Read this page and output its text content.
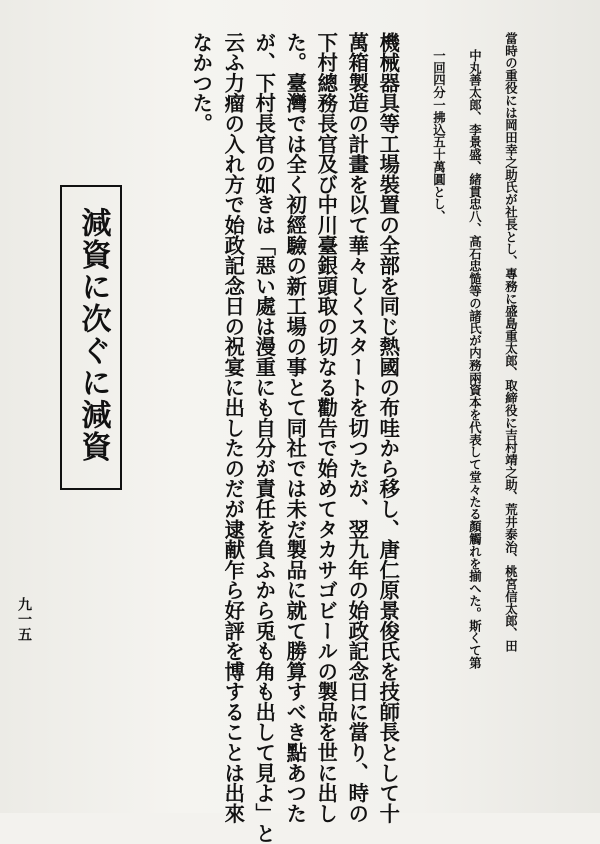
當時の重役には岡田幸之助氏が社長とし、專務に盛島重太郎、取締役に吉村靖之助、荒井泰治、桃宮信太郎、田
中丸善太郎、李景盛、緒貫忠八、高石忠慥等の諸氏が内務兩資本を代表して堂々たる顏觸れを揃へた。斯くて第
一回四分一拂込五十萬圓とし、
機械器具等工場裝置の全部を同じ熱國の布哇から移し、唐仁原景俊氏を技師長として十
萬箱製造の計畫を以て華々しくスタートを切つたが、翌九年の始政記念日に當り、時の
下村總務長官及び中川臺銀頭取の切なる勸告で始めてタカサゴビールの製品を世に出し
た。臺灣では全く初經驗の新工場の事とて同社では未だ製品に就て勝算すべき點あつた
が、下村長官の如きは「惡い處は漫重にも自分が責任を負ふから兎も角も出して見よ」と
云ふ力瘤の入れ方で始政記念日の祝宴に出したのだが逮献乍ら好評を博することは出來
なかつた。
減資に次ぐに減資
九一五
